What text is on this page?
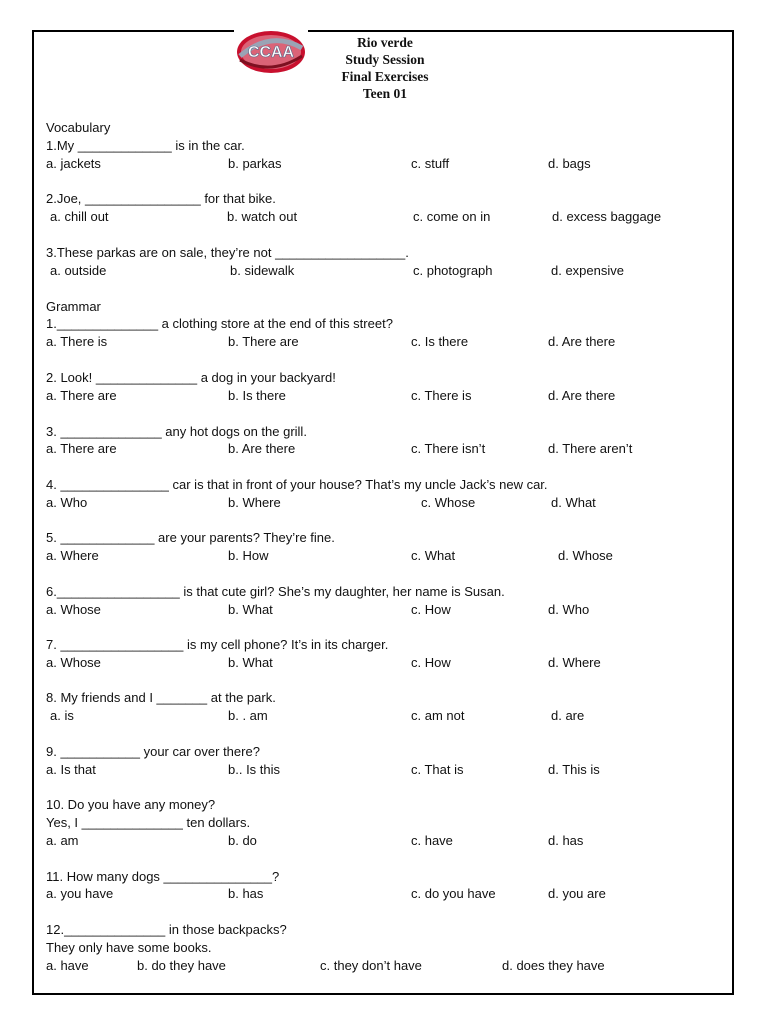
CCAA
Rio verde
Study Session
Final Exercises
Teen 01
Vocabulary
Grammar
1.My _____________ is in the car.
a. jackets	b. parkas	c. stuff	d. bags
2.Joe, ________________ for that bike.
a. chill out	b. watch out	c. come on in	d. excess baggage
3.These parkas are on sale, they’re not __________________.
a. outside	b. sidewalk	c. photograph	d. expensive
1.______________ a clothing store at the end of this street?
a. There is	b. There are	c. Is there	d. Are there
2. Look! ______________ a dog in your backyard!
a. There are	b. Is there	c. There is	d. Are there
3. ______________ any hot dogs on the grill.
a. There are	b. Are there	c. There isn’t	d. There aren’t
4. _______________ car is that in front of your house? That’s my uncle Jack’s new car.
a. Who	b. Where	c. Whose	d. What
5. _____________ are your parents? They’re fine.
a. Where	b. How	c. What	d. Whose
6._________________ is that cute girl? She’s my daughter, her name is Susan.
a. Whose	b. What	c. How	d. Who
7. _________________ is my cell phone? It’s in its charger.
a. Whose	b. What	c. How	d. Where
8. My friends and I _______ at the park.
a. is	b. . am	c. am not	d. are
9. ___________ your car over there?
a. Is that	b.. Is this	c. That is	d. This is
10. Do you have any money?
Yes, I ______________ ten dollars.
a. am	b. do	c. have	d. has
11. How many dogs _______________?
a. you have	b. has	c. do you have	d. you are
12.______________ in those backpacks?
They only have some books.
a. have	b. do they have	c. they don’t have	d. does they have
